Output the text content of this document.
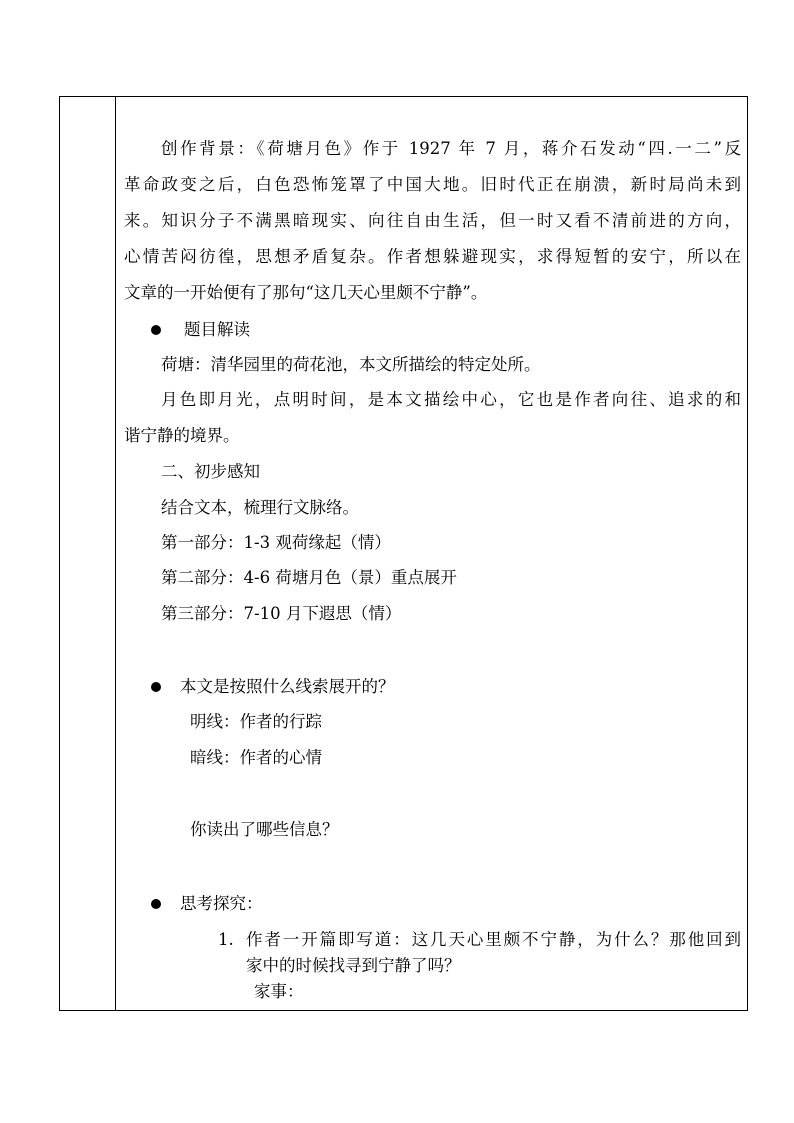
创作背景：《荷塘月色》作于 1927 年 7 月，蒋介石发动“四.一二”反
革命政变之后，白色恐怖笼罩了中国大地。旧时代正在崩溃，新时局尚未到
来。知识分子不满黑暗现实、向往自由生活，但一时又看不清前进的方向，
心情苦闷彷徨，思想矛盾复杂。作者想躲避现实，求得短暂的安宁，所以在
文章的一开始便有了那句“这几天心里颇不宁静”。
题目解读
荷塘：清华园里的荷花池，本文所描绘的特定处所。
月色即月光，点明时间，是本文描绘中心，它也是作者向往、追求的和
谐宁静的境界。
二、初步感知
结合文本，梳理行文脉络。
第一部分：1-3 观荷缘起（情）
第二部分：4-6 荷塘月色（景）重点展开
第三部分：7-10 月下遐思（情）
本文是按照什么线索展开的？
明线：作者的行踪
暗线：作者的心情
你读出了哪些信息？
思考探究：
1. 作者一开篇即写道：这几天心里颇不宁静，为什么？那他回到
家中的时候找寻到宁静了吗？
家事：
